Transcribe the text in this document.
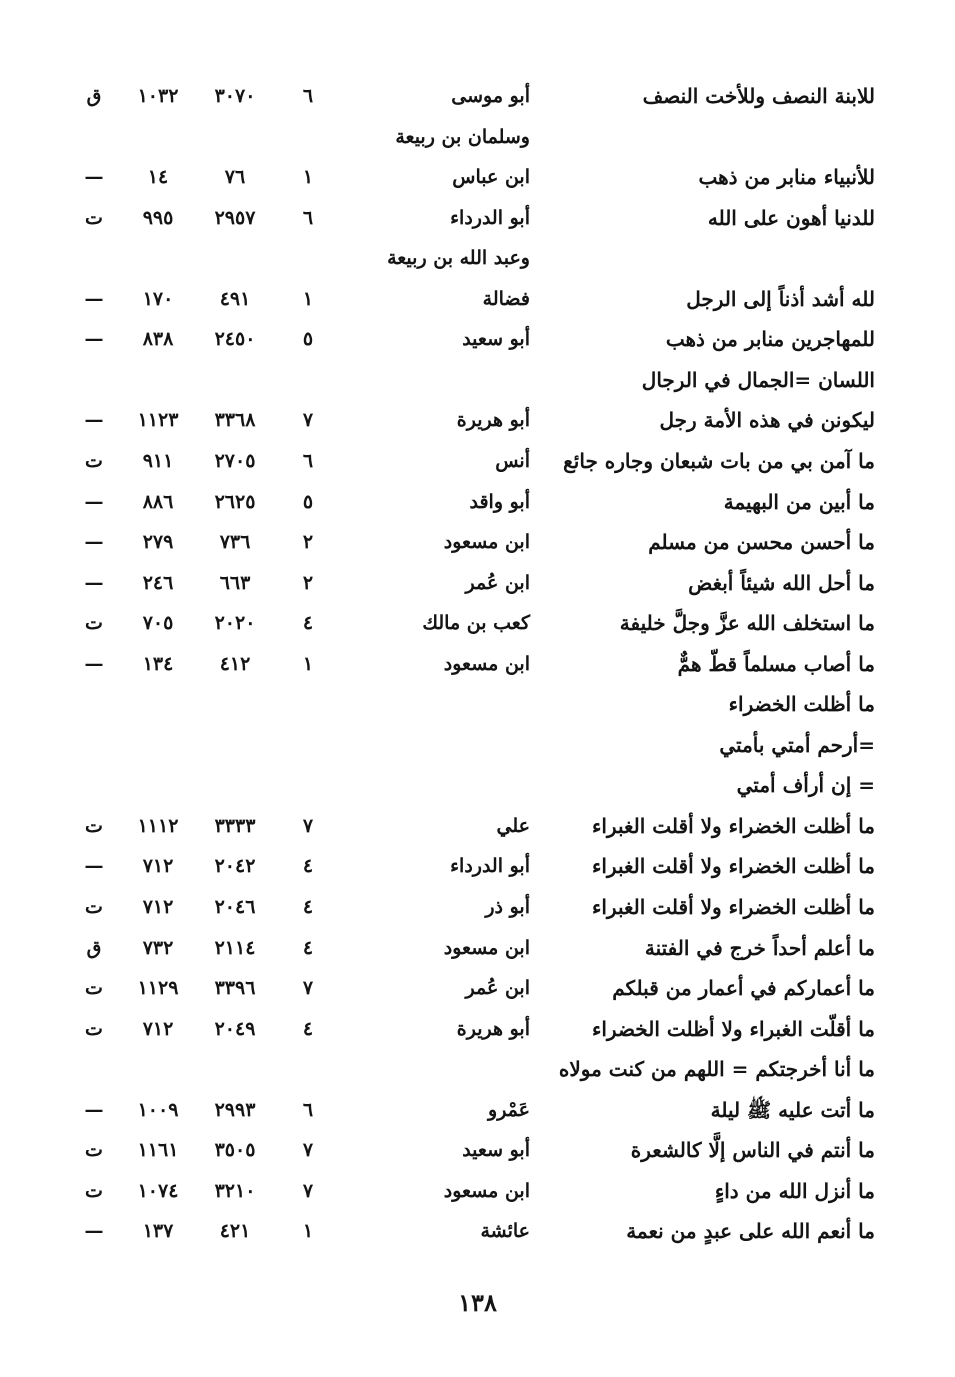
للابنة النصف وللأخت النصف
أبو موسى
٦
٣٠٧٠
١٠٣٢
ق
وسلمان بن ربيعة
للأنبياء منابر من ذهب
ابن عباس
١
٧٦
١٤
—
للدنيا أهون على الله
أبو الدرداء
٦
٢٩٥٧
٩٩٥
ت
وعبد الله بن ربيعة
لله أشد أذناً إلى الرجل
فضالة
١
٤٩١
١٧٠
—
للمهاجرين منابر من ذهب
أبو سعيد
٥
٢٤٥٠
٨٣٨
—
اللسان =الجمال في الرجال
ليكونن في هذه الأمة رجل
أبو هريرة
٧
٣٣٦٨
١١٢٣
—
ما آمن بي من بات شبعان وجاره جائع
أنس
٦
٢٧٠٥
٩١١
ت
ما أبين من البهيمة
أبو واقد
٥
٢٦٢٥
٨٨٦
—
ما أحسن محسن من مسلم
ابن مسعود
٢
٧٣٦
٢٧٩
—
ما أحل الله شيئاً أبغض
ابن عُمر
٢
٦٦٣
٢٤٦
—
ما استخلف الله عزَّ وجلَّ خليفة
كعب بن مالك
٤
٢٠٢٠
٧٠٥
ت
ما أصاب مسلماً قطّ همٌّ
ابن مسعود
١
٤١٢
١٣٤
—
ما أظلت الخضراء
=أرحم أمتي بأمتي
= إن أرأف أمتي
ما أظلت الخضراء ولا أقلت الغبراء
علي
٧
٣٣٣٣
١١١٢
ت
ما أظلت الخضراء ولا أقلت الغبراء
أبو الدرداء
٤
٢٠٤٢
٧١٢
—
ما أظلت الخضراء ولا أقلت الغبراء
أبو ذر
٤
٢٠٤٦
٧١٢
ت
ما أعلم أحداً خرج في الفتنة
ابن مسعود
٤
٢١١٤
٧٣٢
ق
ما أعماركم في أعمار من قبلكم
ابن عُمر
٧
٣٣٩٦
١١٢٩
ت
ما أقلّت الغبراء ولا أظلت الخضراء
أبو هريرة
٤
٢٠٤٩
٧١٢
ت
ما أنا أخرجتكم = اللهم من كنت مولاه
ما أتت عليه ﷺ ليلة
عَمْرو
٦
٢٩٩٣
١٠٠٩
—
ما أنتم في الناس إلَّا كالشعرة
أبو سعيد
٧
٣٥٠٥
١١٦١
ت
ما أنزل الله من داءٍ
ابن مسعود
٧
٣٢١٠
١٠٧٤
ت
ما أنعم الله على عبدٍ من نعمة
عائشة
١
٤٢١
١٣٧
—
١٣٨
